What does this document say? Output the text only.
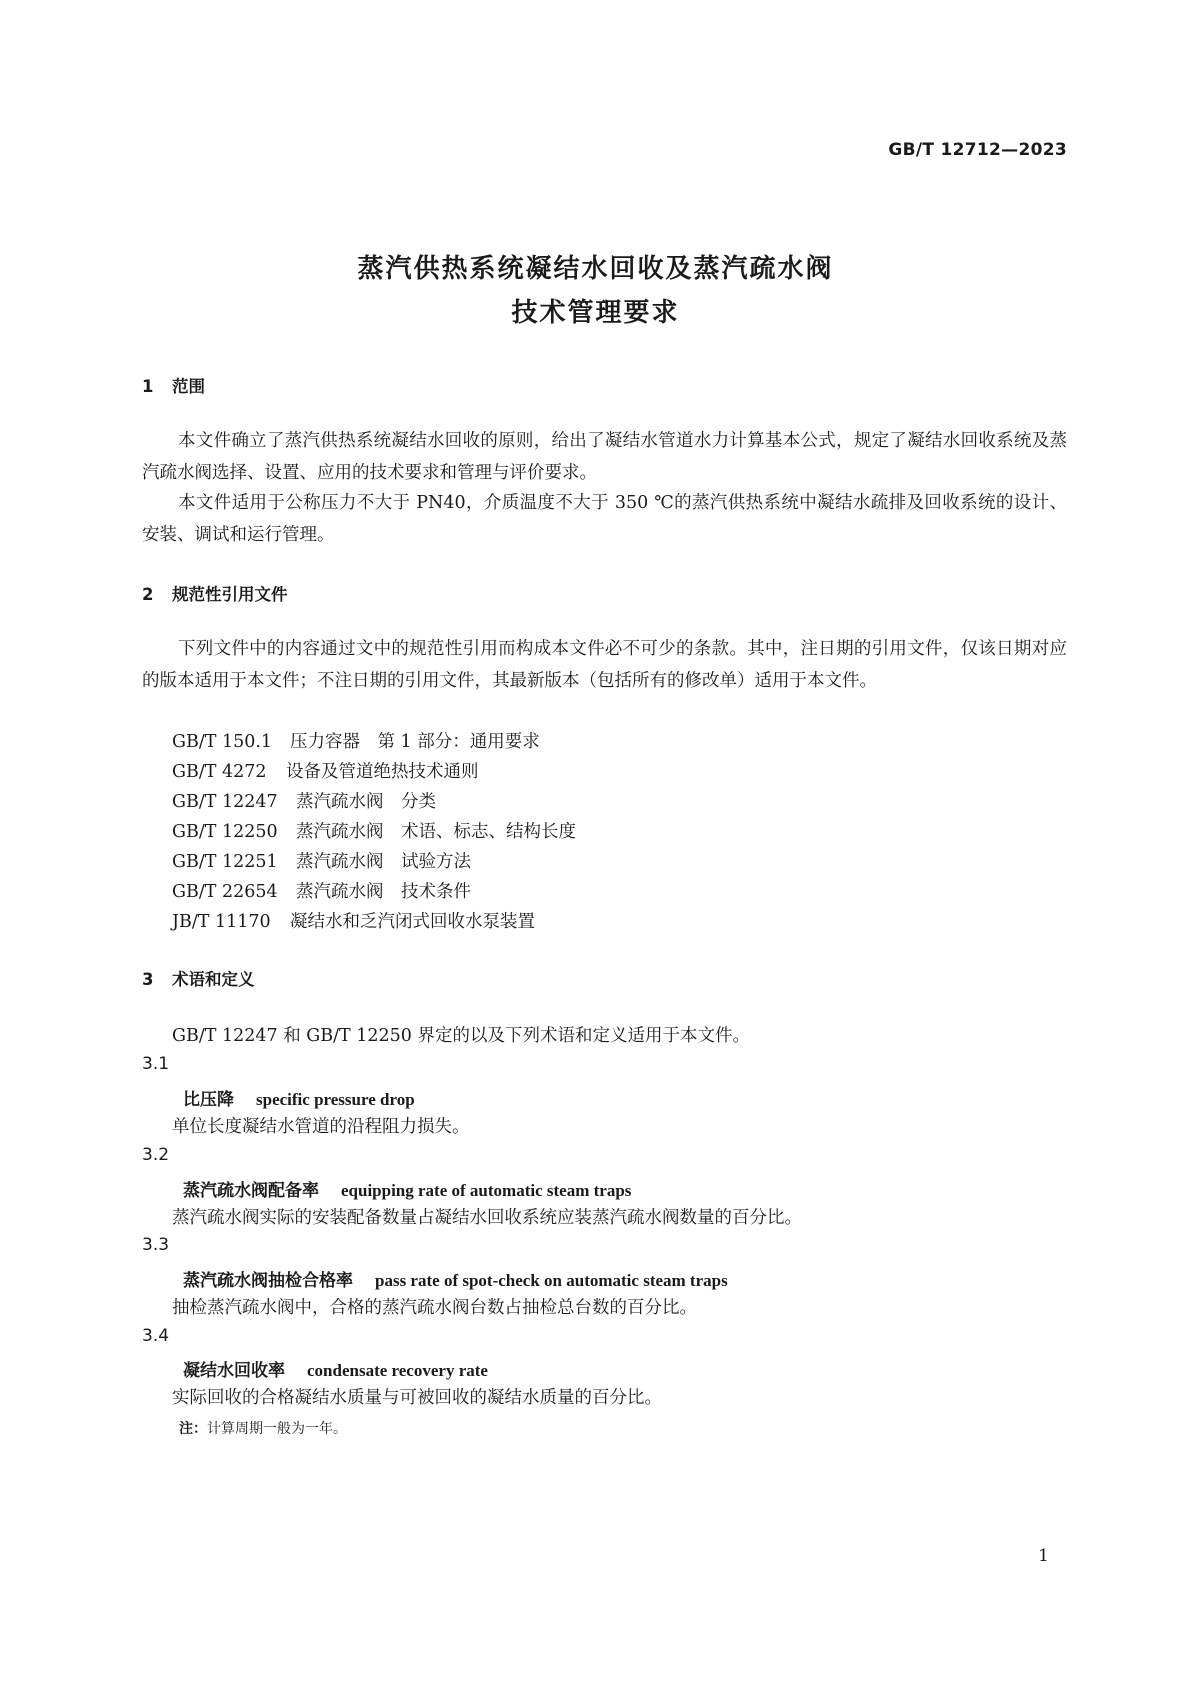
GB/T 12712—2023
蒸汽供热系统凝结水回收及蒸汽疏水阀
技术管理要求
1 范围
本文件确立了蒸汽供热系统凝结水回收的原则，给出了凝结水管道水力计算基本公式，规定了凝结水回收系统及蒸汽疏水阀选择、设置、应用的技术要求和管理与评价要求。
本文件适用于公称压力不大于 PN40，介质温度不大于 350 ℃的蒸汽供热系统中凝结水疏排及回收系统的设计、安装、调试和运行管理。
2 规范性引用文件
下列文件中的内容通过文中的规范性引用而构成本文件必不可少的条款。其中，注日期的引用文件，仅该日期对应的版本适用于本文件；不注日期的引用文件，其最新版本（包括所有的修改单）适用于本文件。
GB/T 150.1 压力容器　第 1 部分：通用要求
GB/T 4272 设备及管道绝热技术通则
GB/T 12247 蒸汽疏水阀　分类
GB/T 12250 蒸汽疏水阀　术语、标志、结构长度
GB/T 12251 蒸汽疏水阀　试验方法
GB/T 22654 蒸汽疏水阀　技术条件
JB/T 11170 凝结水和乏汽闭式回收水泵装置
3 术语和定义
GB/T 12247 和 GB/T 12250 界定的以及下列术语和定义适用于本文件。
3.1
比压降 specific pressure drop
单位长度凝结水管道的沿程阻力损失。
3.2
蒸汽疏水阀配备率 equipping rate of automatic steam traps
蒸汽疏水阀实际的安装配备数量占凝结水回收系统应装蒸汽疏水阀数量的百分比。
3.3
蒸汽疏水阀抽检合格率 pass rate of spot-check on automatic steam traps
抽检蒸汽疏水阀中，合格的蒸汽疏水阀台数占抽检总台数的百分比。
3.4
凝结水回收率 condensate recovery rate
实际回收的合格凝结水质量与可被回收的凝结水质量的百分比。
注：计算周期一般为一年。
1
